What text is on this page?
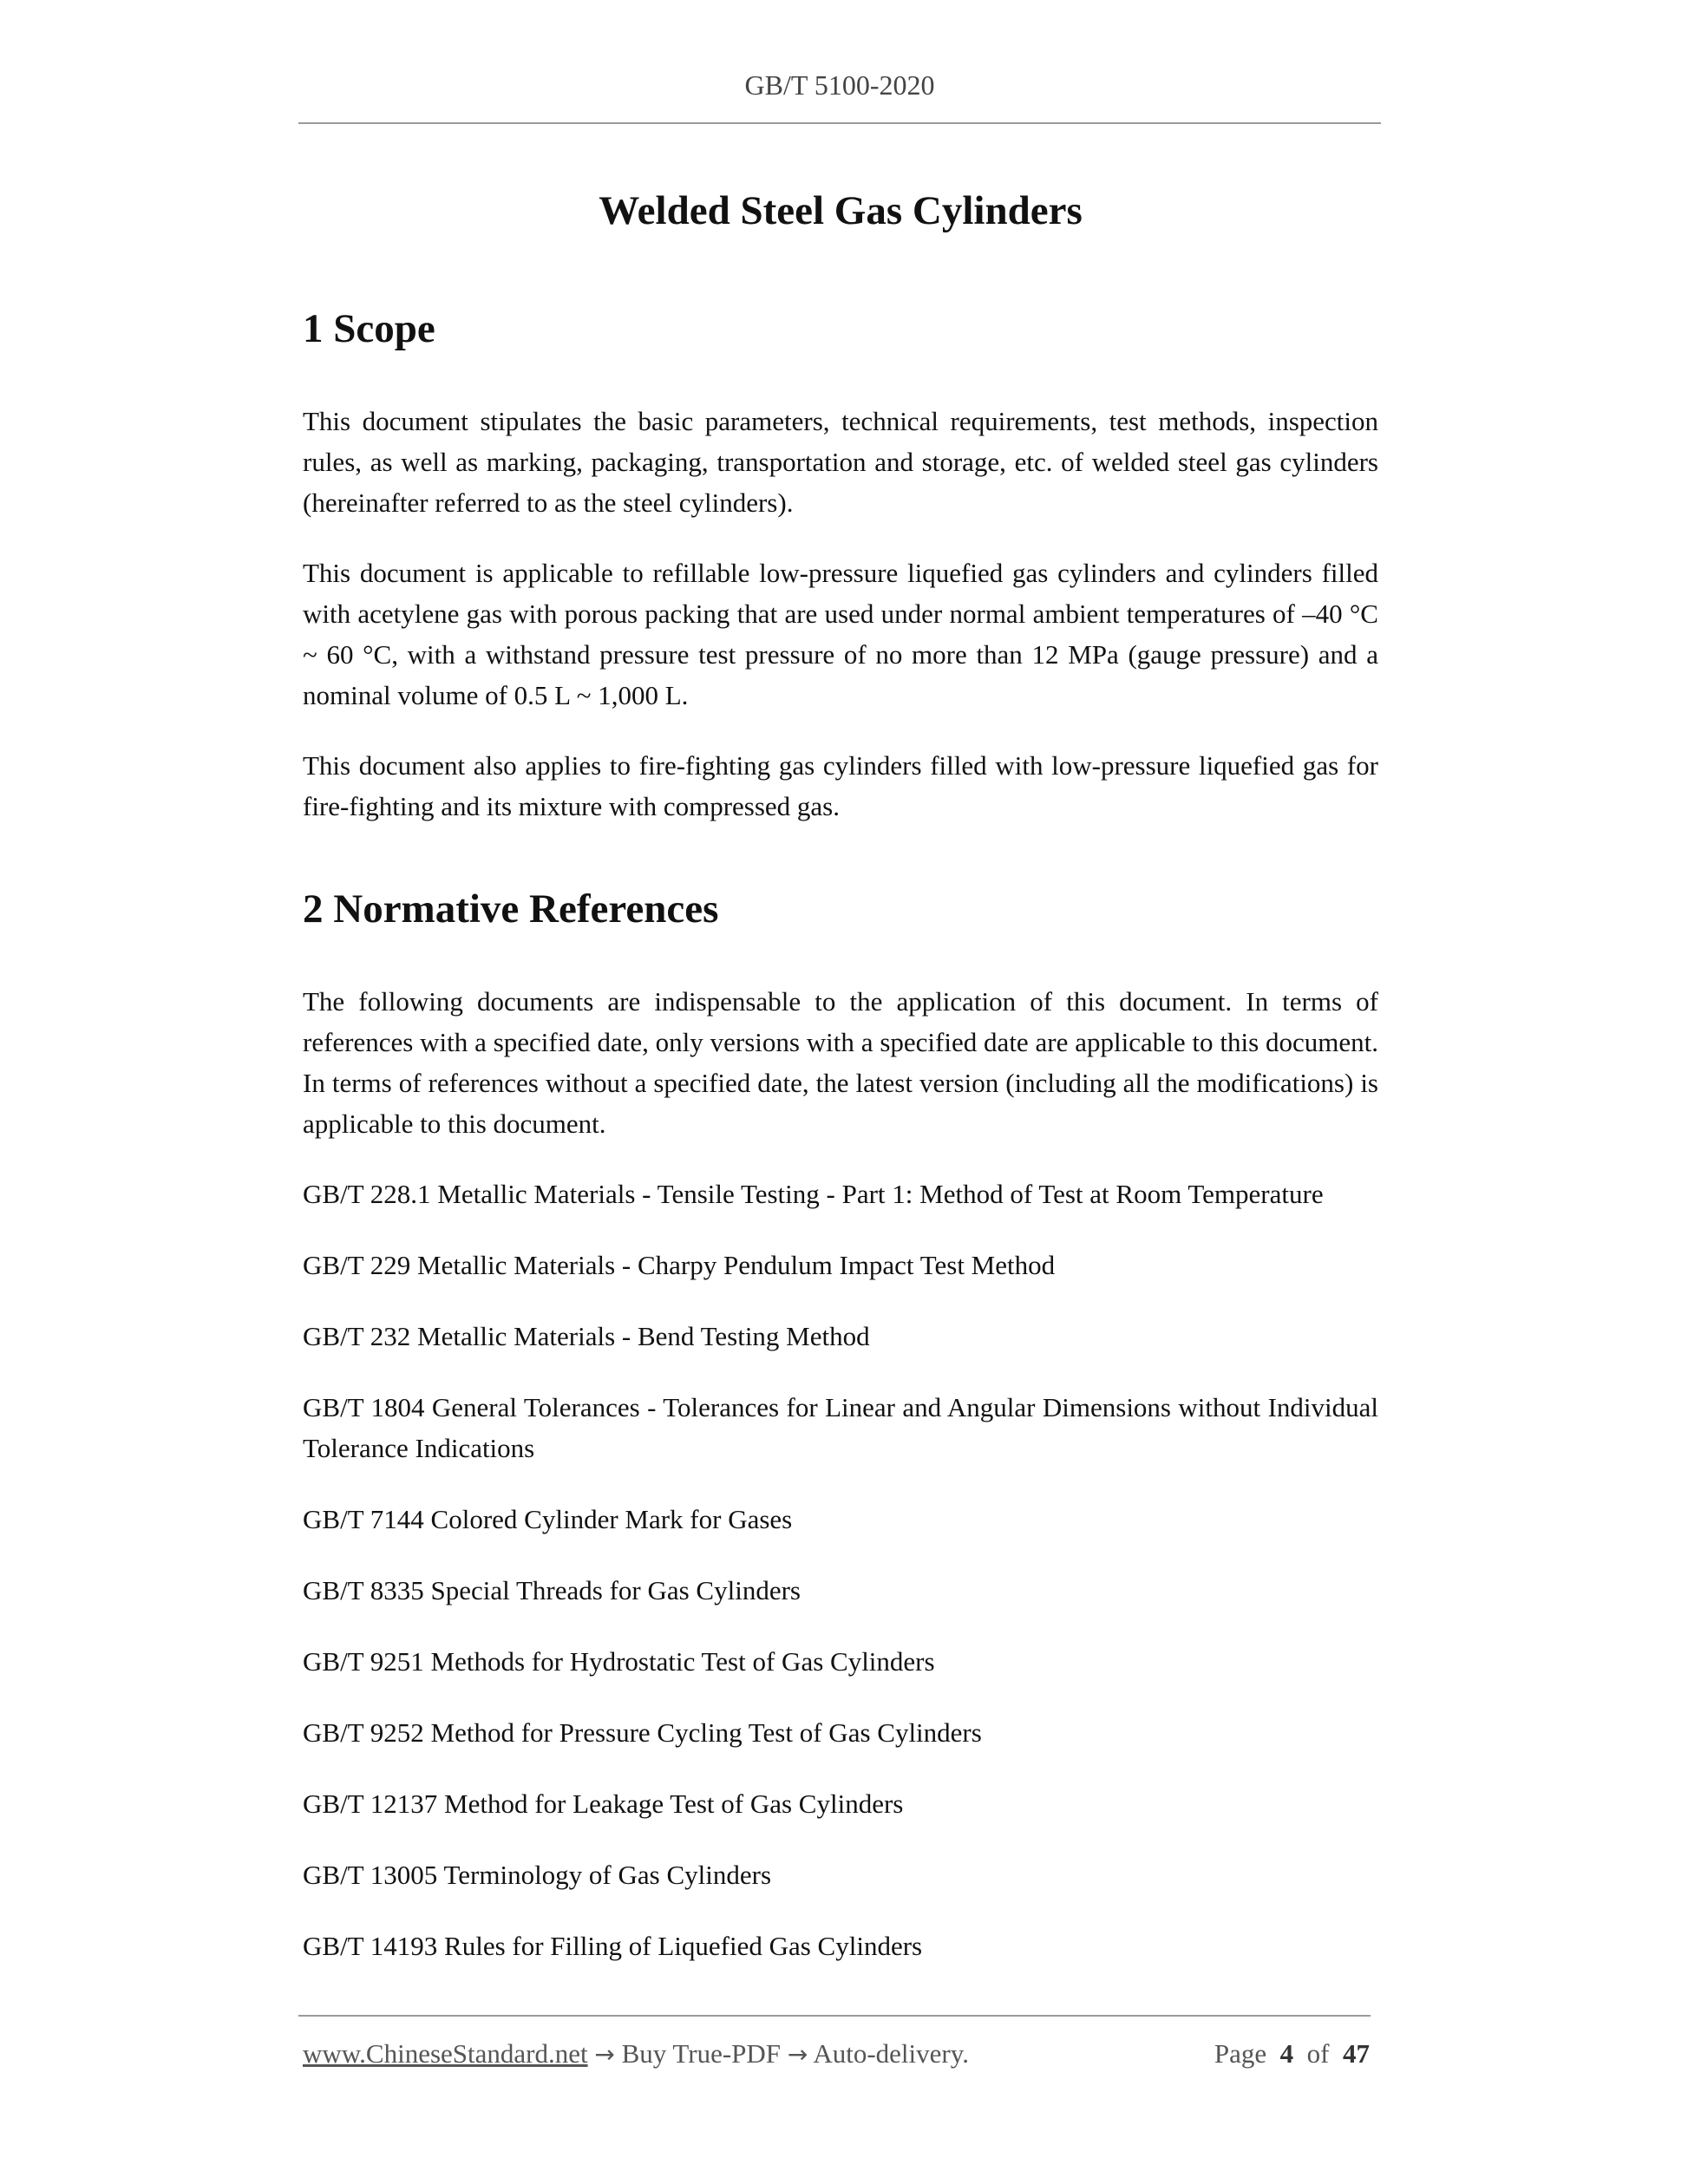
GB/T 5100-2020
Welded Steel Gas Cylinders
1 Scope

This document stipulates the basic parameters, technical requirements, test methods, inspection rules, as well as marking, packaging, transportation and storage, etc. of welded steel gas cylinders (hereinafter referred to as the steel cylinders).

This document is applicable to refillable low-pressure liquefied gas cylinders and cylinders filled with acetylene gas with porous packing that are used under normal ambient temperatures of –40 °C ~ 60 °C, with a withstand pressure test pressure of no more than 12 MPa (gauge pressure) and a nominal volume of 0.5 L ~ 1,000 L.

This document also applies to fire-fighting gas cylinders filled with low-pressure liquefied gas for fire-fighting and its mixture with compressed gas.

2 Normative References

The following documents are indispensable to the application of this document. In terms of references with a specified date, only versions with a specified date are applicable to this document. In terms of references without a specified date, the latest version (including all the modifications) is applicable to this document.

GB/T 228.1 Metallic Materials - Tensile Testing - Part 1: Method of Test at Room Temperature

GB/T 229 Metallic Materials - Charpy Pendulum Impact Test Method

GB/T 232 Metallic Materials - Bend Testing Method

GB/T 1804 General Tolerances - Tolerances for Linear and Angular Dimensions without Individual Tolerance Indications

GB/T 7144 Colored Cylinder Mark for Gases

GB/T 8335 Special Threads for Gas Cylinders

GB/T 9251 Methods for Hydrostatic Test of Gas Cylinders

GB/T 9252 Method for Pressure Cycling Test of Gas Cylinders

GB/T 12137 Method for Leakage Test of Gas Cylinders

GB/T 13005 Terminology of Gas Cylinders

GB/T 14193 Rules for Filling of Liquefied Gas Cylinders

www.ChineseStandard.net → Buy True-PDF → Auto-delivery.	Page 4 of 47
